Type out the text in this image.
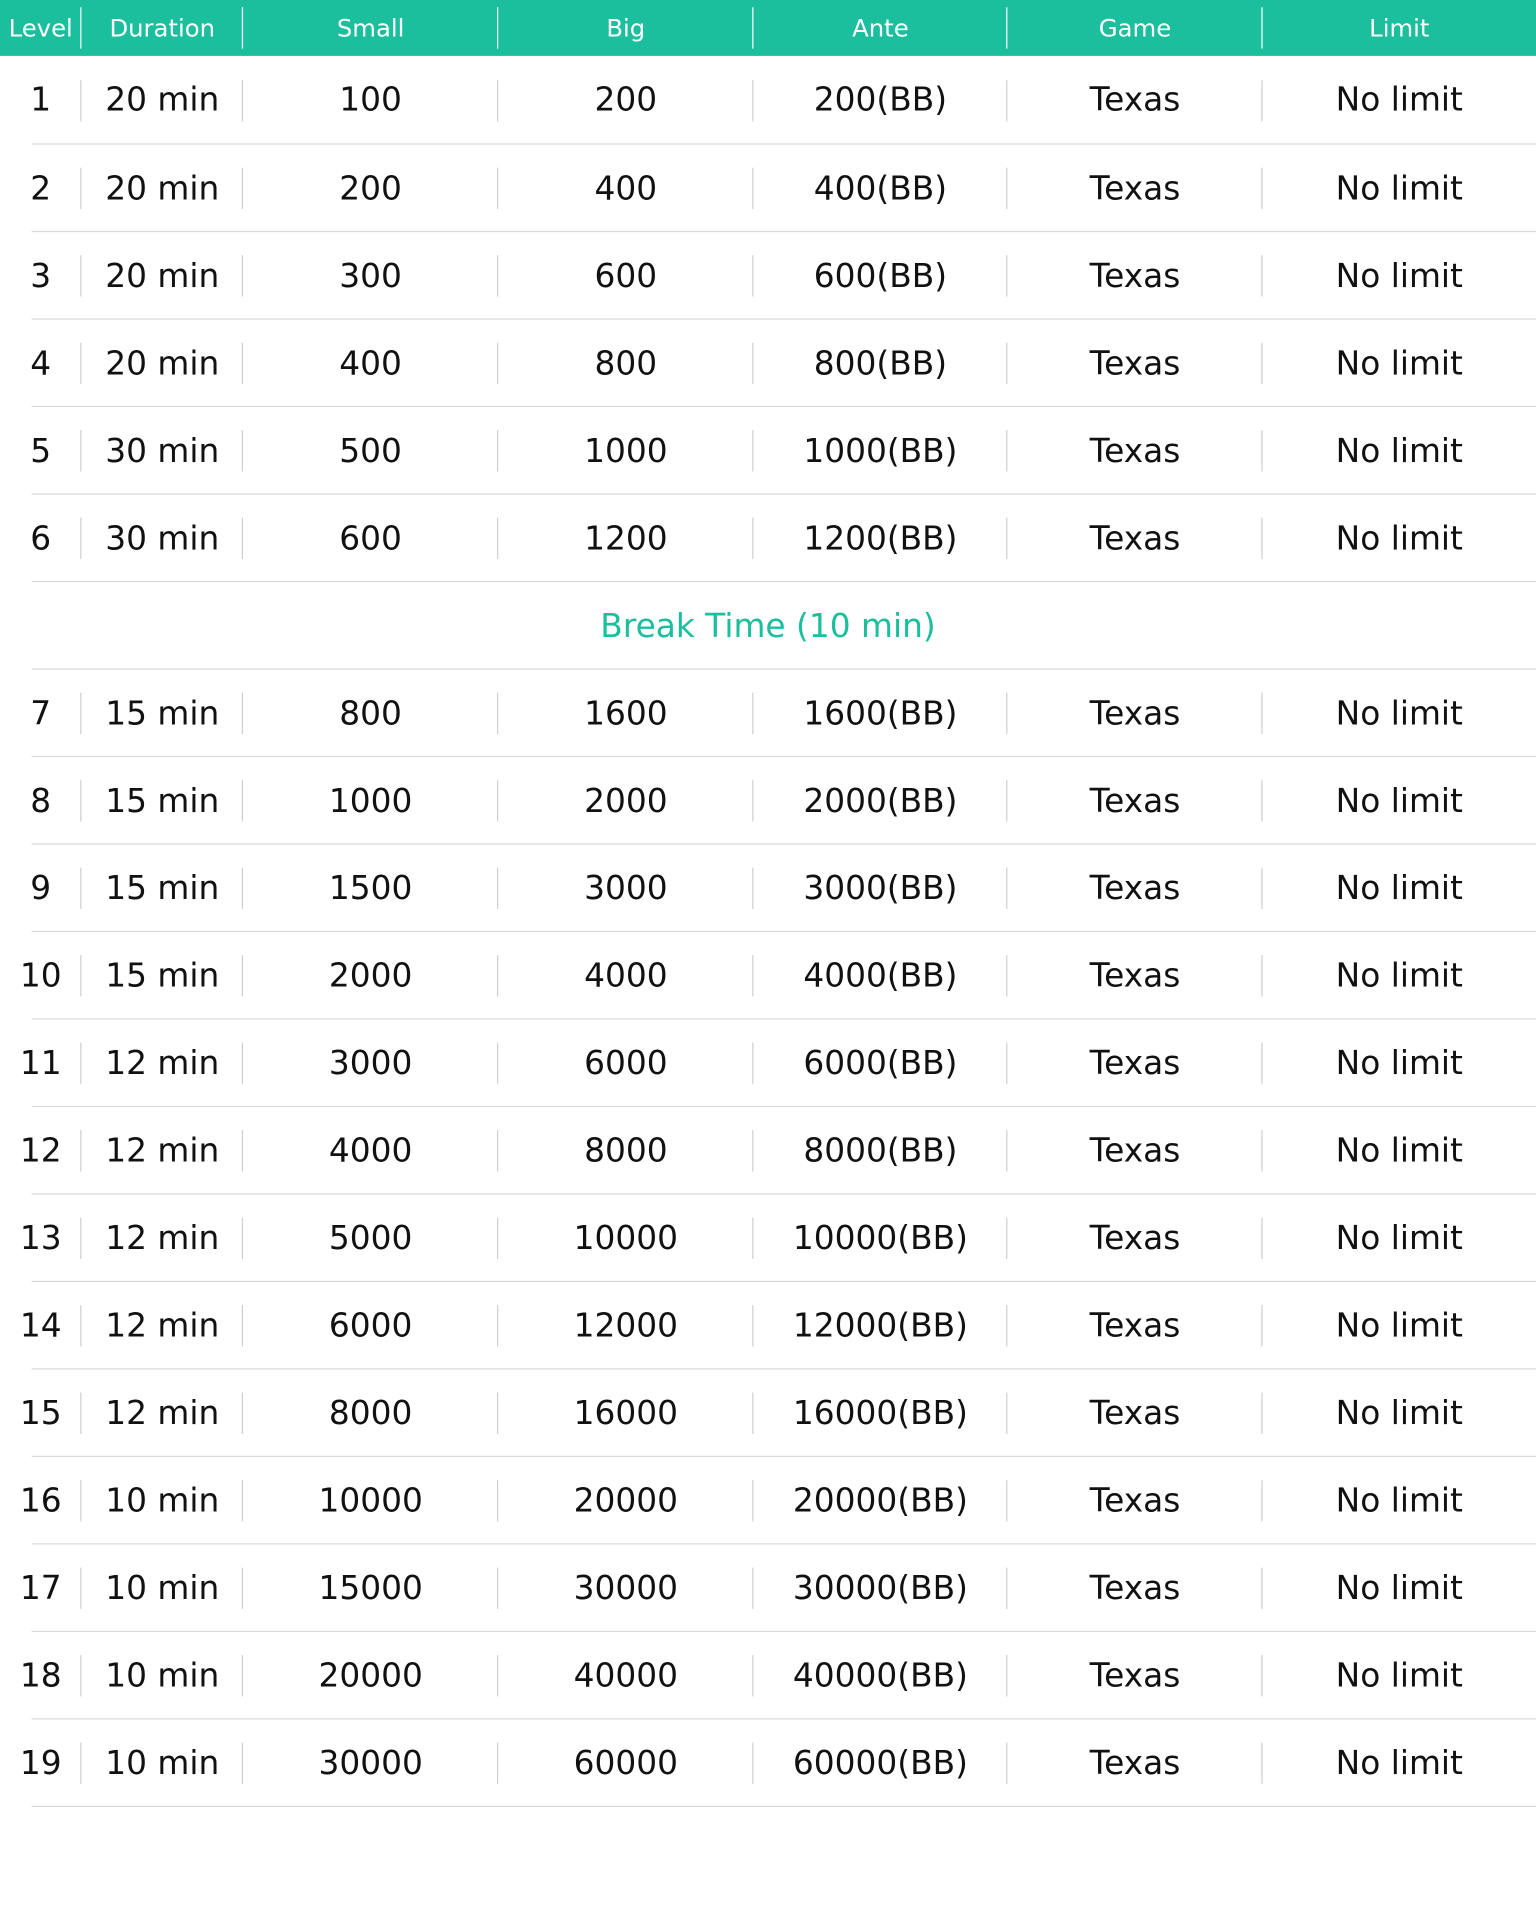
Level	Duration	Small	Big	Ante	Game	Limit
1	20 min	100	200	200(BB)	Texas	No limit
2	20 min	200	400	400(BB)	Texas	No limit
3	20 min	300	600	600(BB)	Texas	No limit
4	20 min	400	800	800(BB)	Texas	No limit
5	30 min	500	1000	1000(BB)	Texas	No limit
6	30 min	600	1200	1200(BB)	Texas	No limit
Break Time (10 min)
7	15 min	800	1600	1600(BB)	Texas	No limit
8	15 min	1000	2000	2000(BB)	Texas	No limit
9	15 min	1500	3000	3000(BB)	Texas	No limit
10	15 min	2000	4000	4000(BB)	Texas	No limit
11	12 min	3000	6000	6000(BB)	Texas	No limit
12	12 min	4000	8000	8000(BB)	Texas	No limit
13	12 min	5000	10000	10000(BB)	Texas	No limit
14	12 min	6000	12000	12000(BB)	Texas	No limit
15	12 min	8000	16000	16000(BB)	Texas	No limit
16	10 min	10000	20000	20000(BB)	Texas	No limit
17	10 min	15000	30000	30000(BB)	Texas	No limit
18	10 min	20000	40000	40000(BB)	Texas	No limit
19	10 min	30000	60000	60000(BB)	Texas	No limit
